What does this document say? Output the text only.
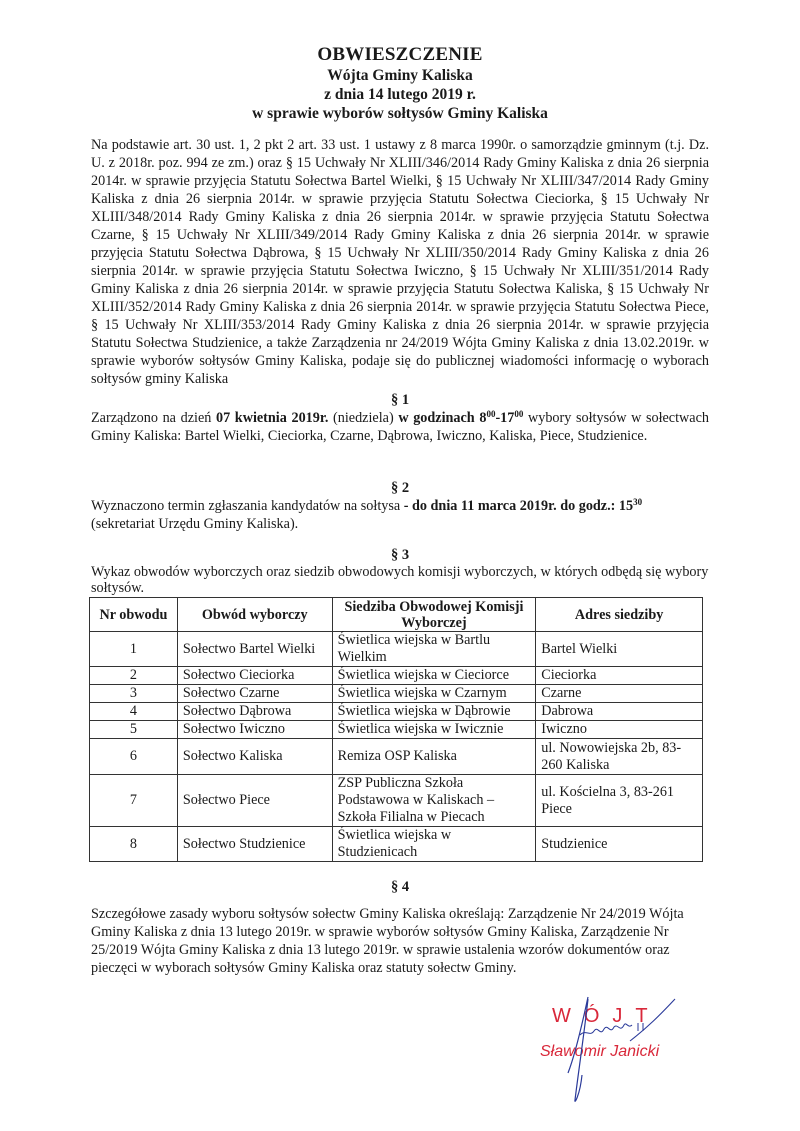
OBWIESZCZENIE
Wójta Gminy Kaliska
z dnia 14 lutego 2019 r.
w sprawie wyborów sołtysów Gminy Kaliska

Na podstawie art. 30 ust. 1, 2 pkt 2 art. 33 ust. 1 ustawy z 8 marca 1990r. o samorządzie gminnym (t.j. Dz. U. z 2018r. poz. 994 ze zm.) oraz § 15 Uchwały Nr XLIII/346/2014 Rady Gminy Kaliska z dnia 26 sierpnia 2014r. w sprawie przyjęcia Statutu Sołectwa Bartel Wielki, § 15 Uchwały Nr XLIII/347/2014 Rady Gminy Kaliska z dnia 26 sierpnia 2014r. w sprawie przyjęcia Statutu Sołectwa Cieciorka, § 15 Uchwały Nr XLIII/348/2014 Rady Gminy Kaliska z dnia 26 sierpnia 2014r. w sprawie przyjęcia Statutu Sołectwa Czarne, § 15 Uchwały Nr XLIII/349/2014 Rady Gminy Kaliska z dnia 26 sierpnia 2014r. w sprawie przyjęcia Statutu Sołectwa Dąbrowa, § 15 Uchwały Nr XLIII/350/2014 Rady Gminy Kaliska z dnia 26 sierpnia 2014r. w sprawie przyjęcia Statutu Sołectwa Iwiczno, § 15 Uchwały Nr XLIII/351/2014 Rady Gminy Kaliska z dnia 26 sierpnia 2014r. w sprawie przyjęcia Statutu Sołectwa Kaliska, § 15 Uchwały Nr XLIII/352/2014 Rady Gminy Kaliska z dnia 26 sierpnia 2014r. w sprawie przyjęcia Statutu Sołectwa Piece, § 15 Uchwały Nr XLIII/353/2014 Rady Gminy Kaliska z dnia 26 sierpnia 2014r. w sprawie przyjęcia Statutu Sołectwa Studzienice, a także Zarządzenia nr 24/2019 Wójta Gminy Kaliska z dnia 13.02.2019r. w sprawie wyborów sołtysów Gminy Kaliska, podaje się do publicznej wiadomości informację o wyborach sołtysów gminy Kaliska

§ 1

Zarządzono na dzień 07 kwietnia 2019r. (niedziela) w godzinach $8^{00}-17^{00}$ wybory sołtysów w sołectwach Gminy Kaliska: Bartel Wielki, Cieciorka, Czarne, Dąbrowa, Iwiczno, Kaliska, Piece, Studzienice.

§ 2

Wyznaczono termin zgłaszania kandydatów na sołtysa - do dnia 11 marca 2019r. do godz.: $15^{30}$
(sekretariat Urzędu Gminy Kaliska).

§ 3

Wykaz obwodów wyborczych oraz siedzib obwodowych komisji wyborczych, w których odbędą się wybory sołtysów.

Nr obwodu	Obwód wyborczy	Siedziba Obwodowej Komisji Wyborczej	Adres siedziby
1	Sołectwo Bartel Wielki	Świetlica wiejska w Bartlu Wielkim	Bartel Wielki
2	Sołectwo Cieciorka	Świetlica wiejska w Cieciorce	Cieciorka
3	Sołectwo Czarne	Świetlica wiejska w Czarnym	Czarne
4	Sołectwo Dąbrowa	Świetlica wiejska w Dąbrowie	Dabrowa
5	Sołectwo Iwiczno	Świetlica wiejska w Iwicznie	Iwiczno
6	Sołectwo Kaliska	Remiza OSP Kaliska	ul. Nowowiejska 2b, 83-260 Kaliska
7	Sołectwo Piece	ZSP Publiczna Szkoła Podstawowa w Kaliskach – Szkoła Filialna w Piecach	ul. Kościelna 3, 83-261 Piece
8	Sołectwo Studzienice	Świetlica wiejska w Studzienicach	Studzienice
§ 4

Szczegółowe zasady wyboru sołtysów sołectw Gminy Kaliska określają: Zarządzenie Nr 24/2019 Wójta Gminy Kaliska z dnia 13 lutego 2019r. w sprawie wyborów sołtysów Gminy Kaliska, Zarządzenie Nr 25/2019 Wójta Gminy Kaliska z dnia 13 lutego 2019r. w sprawie ustalenia wzorów dokumentów oraz pieczęci w wyborach sołtysów Gminy Kaliska oraz statuty sołectw Gminy.

WÓJT
Sławomir Janicki
